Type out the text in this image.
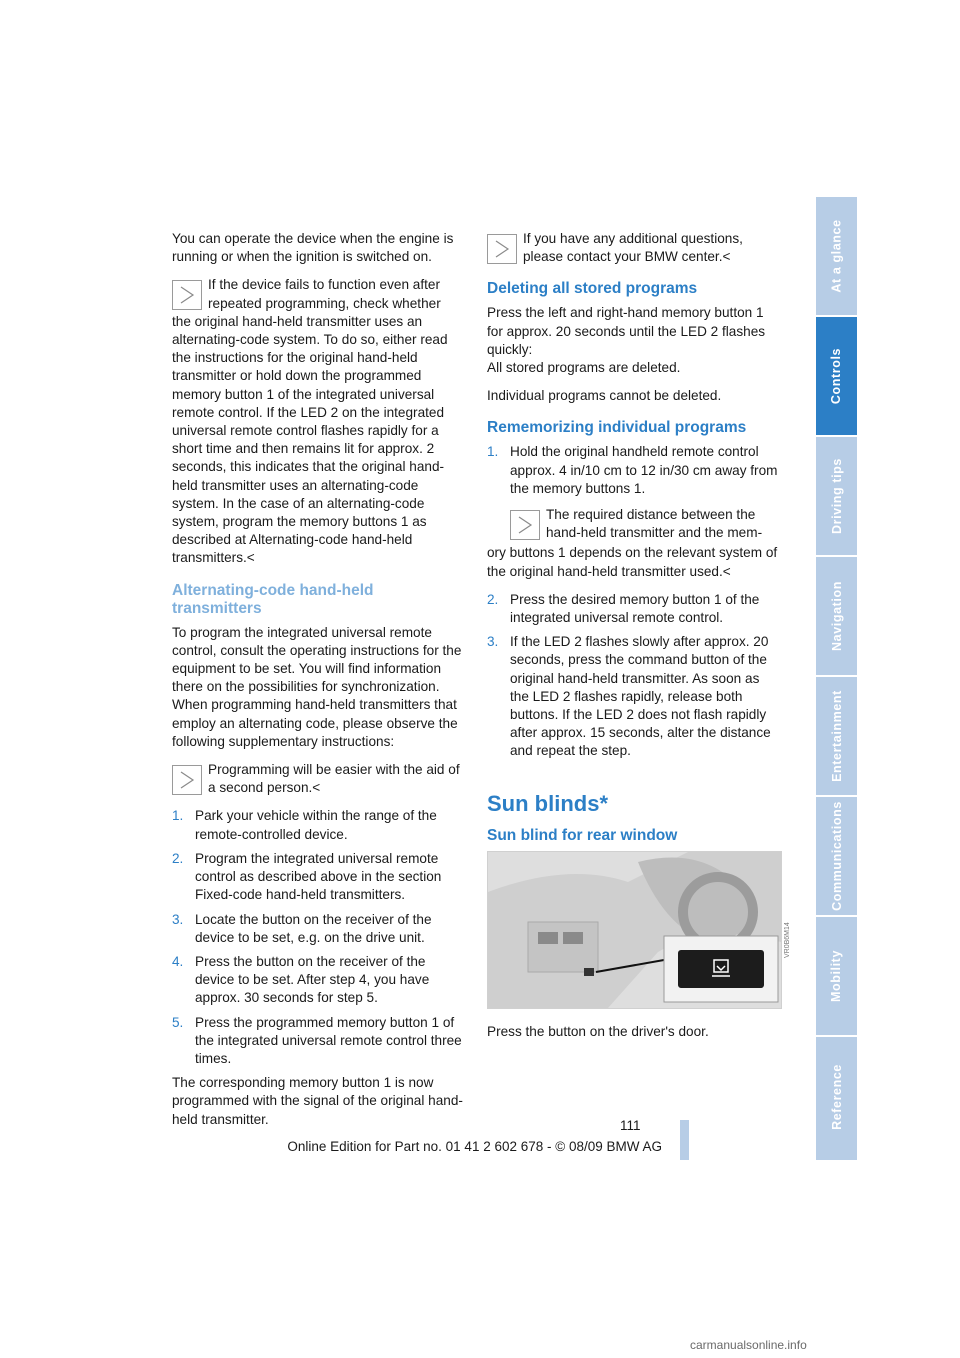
At a glance
Controls
Driving tips
Navigation
Entertainment
Communications
Mobility
Reference

You can operate the device when the engine is running or when the ignition is switched on.

If the device fails to function even after repeated programming, check whether
the original hand-held transmitter uses an alternating-code system. To do so, either read the instructions for the original hand-held transmitter or hold down the programmed memory button 1 of the integrated universal remote control. If the LED 2 on the integrated universal remote control flashes rapidly for a short time and then remains lit for approx. 2 seconds, this indicates that the original hand-held transmitter uses an alternating-code system. In the case of an alternating-code system, program the memory buttons 1 as described at Alternating-code hand-held transmitters.<
Alternating-code hand-held transmitters

To program the integrated universal remote control, consult the operating instructions for the equipment to be set. You will find information there on the possibilities for synchronization.

When programming hand-held transmitters that employ an alternating code, please observe the following supplementary instructions:

Programming will be easier with the aid of a second person.<
1. Park your vehicle within the range of the remote-controlled device.
2. Program the integrated universal remote control as described above in the section Fixed-code hand-held transmitters.
3. Locate the button on the receiver of the device to be set, e.g. on the drive unit.
4. Press the button on the receiver of the device to be set. After step 4, you have approx. 30 seconds for step 5.
5. Press the programmed memory button 1 of the integrated universal remote control three times.

The corresponding memory button 1 is now programmed with the signal of the original hand-held transmitter.

If you have any additional questions, please contact your BMW center.<
Deleting all stored programs

Press the left and right-hand memory button 1 for approx. 20 seconds until the LED 2 flashes quickly:

All stored programs are deleted.

Individual programs cannot be deleted.

Rememorizing individual programs
1. Hold the original handheld remote control approx. 4 in/10 cm to 12 in/30 cm away from the memory buttons 1.
The required distance between the hand-held transmitter and the mem-

ory buttons 1 depends on the relevant system of the original hand-held transmitter used.<

2. Press the desired memory button 1 of the integrated universal remote control.
3. If the LED 2 flashes slowly after approx. 20 seconds, press the command button of the original hand-held transmitter. As soon as the LED 2 flashes rapidly, release both buttons. If the LED 2 does not flash rapidly after approx. 15 seconds, alter the distance and repeat the step.
Sun blinds*
Sun blind for rear window

Press the button on the driver's door.

VR0B6M14
111
Online Edition for Part no. 01 41 2 602 678 - © 08/09 BMW AG
carmanualsonline.info
